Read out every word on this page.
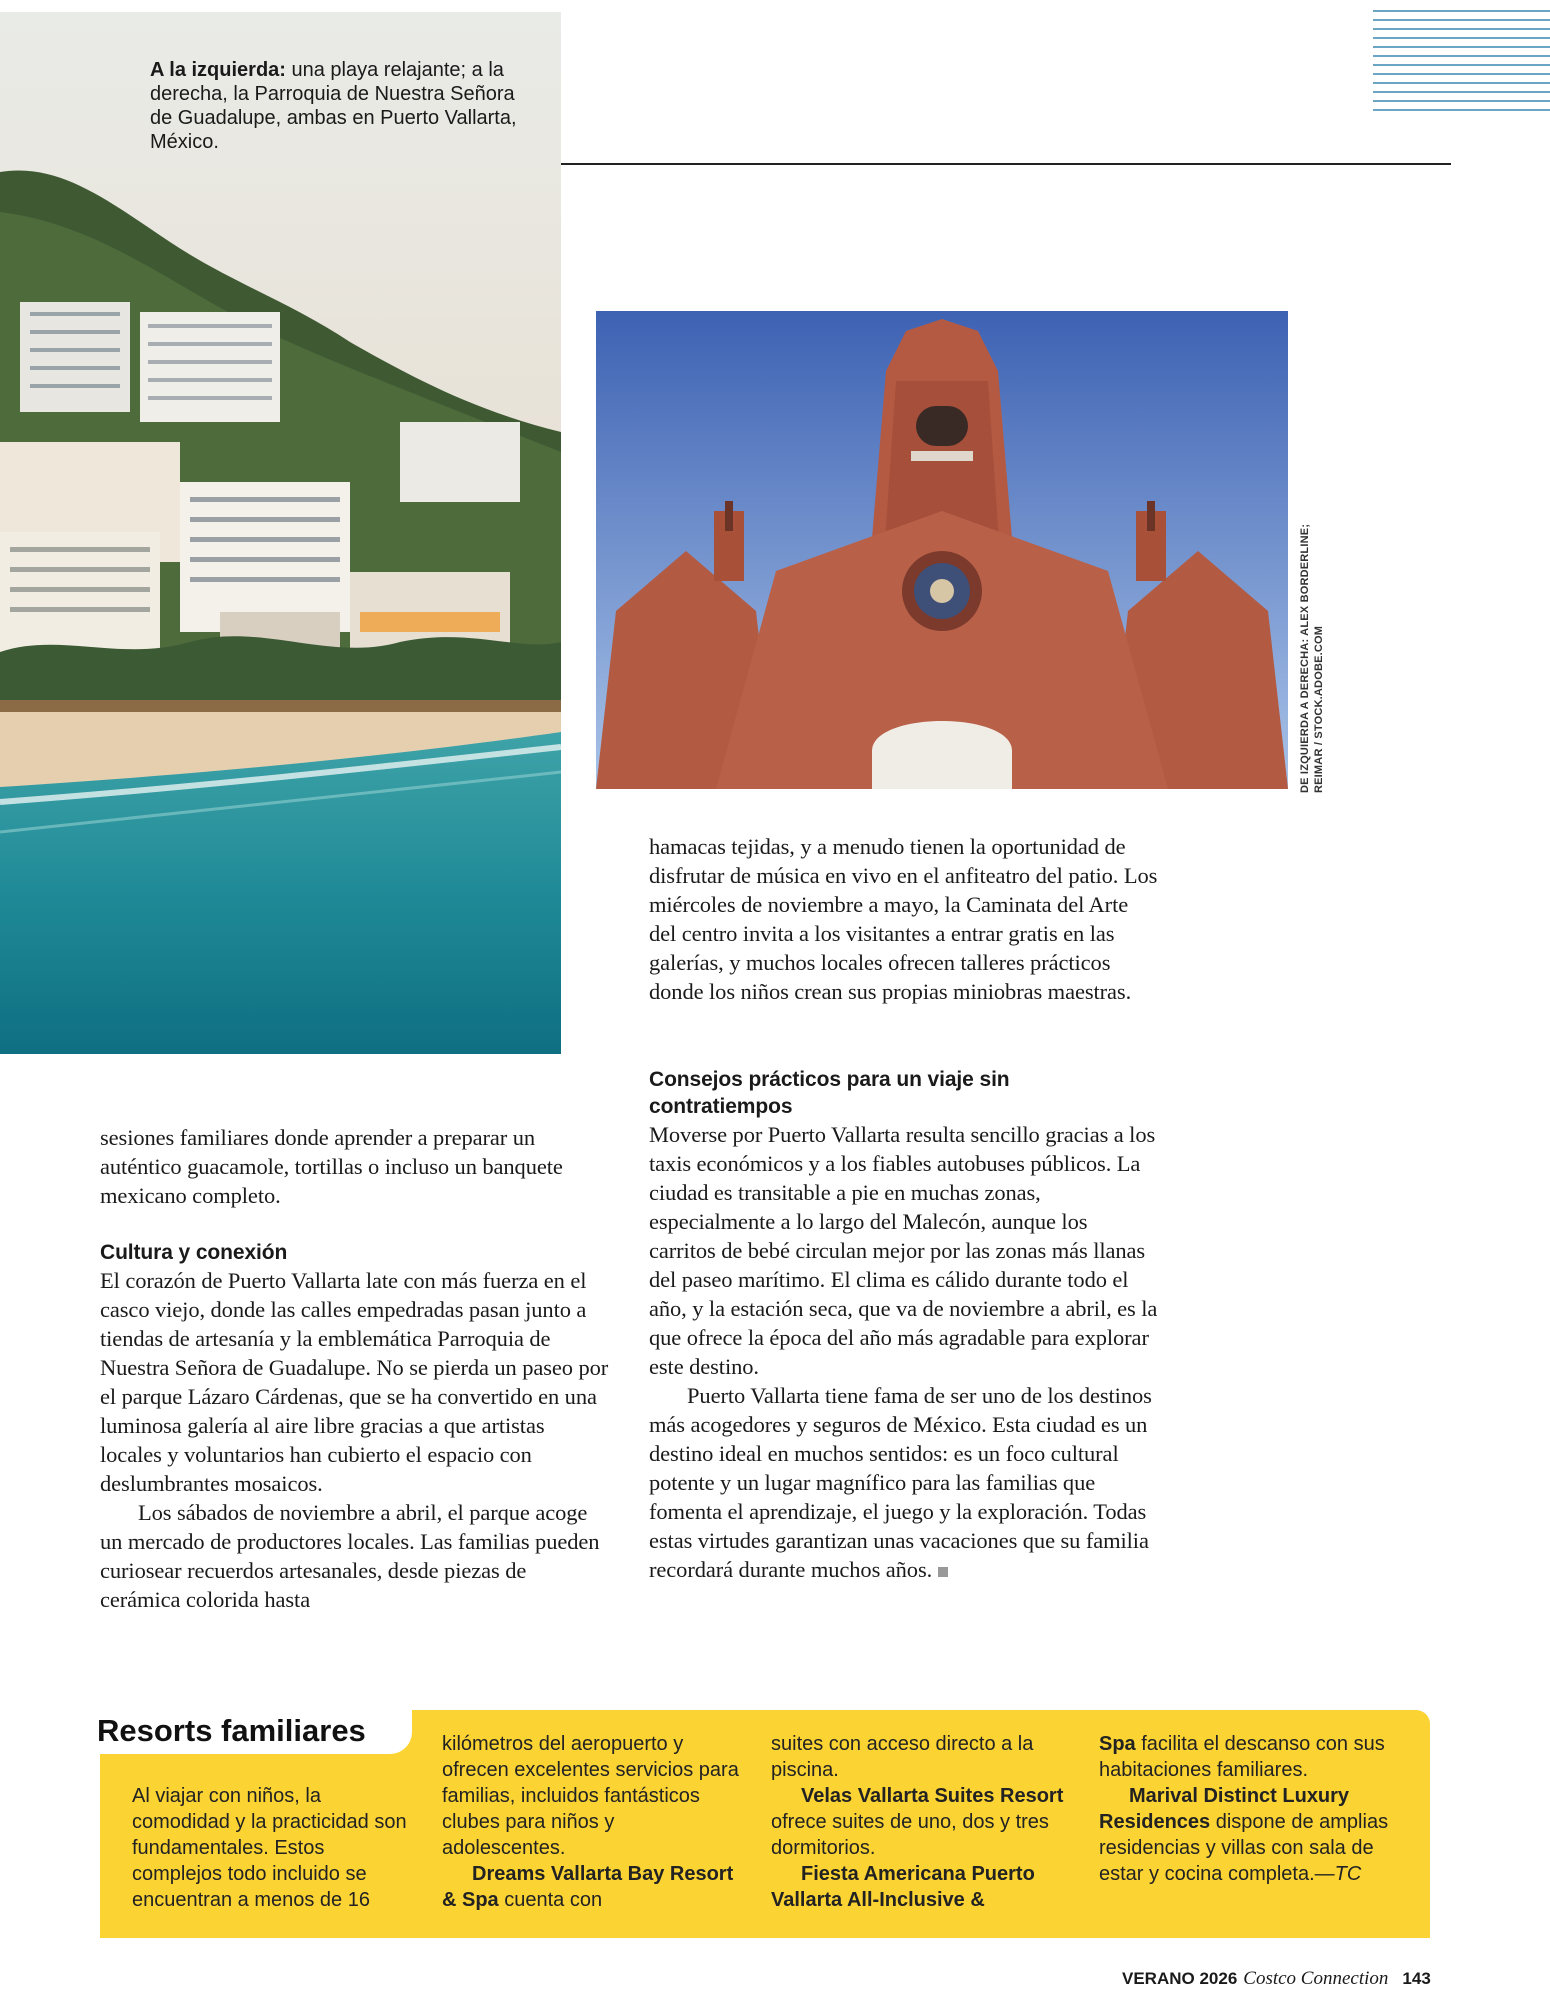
A la izquierda: una playa relajante; a la derecha, la Parroquia de Nuestra Señora de Guadalupe, ambas en Puerto Vallarta, México.
DE IZQUIERDA A DERECHA: ALEX BORDERLINE; REIMAR / STOCK.ADOBE.COM

hamacas tejidas, y a menudo tienen la oportunidad de disfrutar de música en vivo en el anfiteatro del patio. Los miércoles de noviembre a mayo, la Caminata del Arte del centro invita a los visitantes a entrar gratis en las galerías, y muchos locales ofrecen talleres prácticos donde los niños crean sus propias miniobras maestras.

sesiones familiares donde aprender a preparar un auténtico guacamole, tortillas o incluso un banquete mexicano completo.

Cultura y conexión

El corazón de Puerto Vallarta late con más fuerza en el casco viejo, donde las calles empedradas pasan junto a tiendas de artesanía y la emblemática Parroquia de Nuestra Señora de Guadalupe. No se pierda un paseo por el parque Lázaro Cárdenas, que se ha convertido en una luminosa galería al aire libre gracias a que artistas locales y voluntarios han cubierto el espacio con deslumbrantes mosaicos.

Los sábados de noviembre a abril, el parque acoge un mercado de productores locales. Las familias pueden curiosear recuerdos artesanales, desde piezas de cerámica colorida hasta

Consejos prácticos para un viaje sin contratiempos

Moverse por Puerto Vallarta resulta sencillo gracias a los taxis económicos y a los fiables autobuses públicos. La ciudad es transitable a pie en muchas zonas, especialmente a lo largo del Malecón, aunque los carritos de bebé circulan mejor por las zonas más llanas del paseo marítimo. El clima es cálido durante todo el año, y la estación seca, que va de noviembre a abril, es la que ofrece la época del año más agradable para explorar este destino.

Puerto Vallarta tiene fama de ser uno de los destinos más acogedores y seguros de México. Esta ciudad es un destino ideal en muchos sentidos: es un foco cultural potente y un lugar magnífico para las familias que fomenta el aprendizaje, el juego y la exploración. Todas estas virtudes garantizan unas vacaciones que su familia recordará durante muchos años.

Resorts familiares

Al viajar con niños, la comodidad y la practicidad son fundamentales. Estos complejos todo incluido se encuentran a menos de 16

kilómetros del aeropuerto y ofrecen excelentes servicios para familias, incluidos fantásticos clubes para niños y adolescentes.

Dreams Vallarta Bay Resort & Spa cuenta con

suites con acceso directo a la piscina.

Velas Vallarta Suites Resort ofrece suites de uno, dos y tres dormitorios.

Fiesta Americana Puerto Vallarta All-Inclusive &

Spa facilita el descanso con sus habitaciones familiares.

Marival Distinct Luxury Residences dispone de amplias residencias y villas con sala de estar y cocina completa.—TC

VERANO 2026 Costco Connection 143
